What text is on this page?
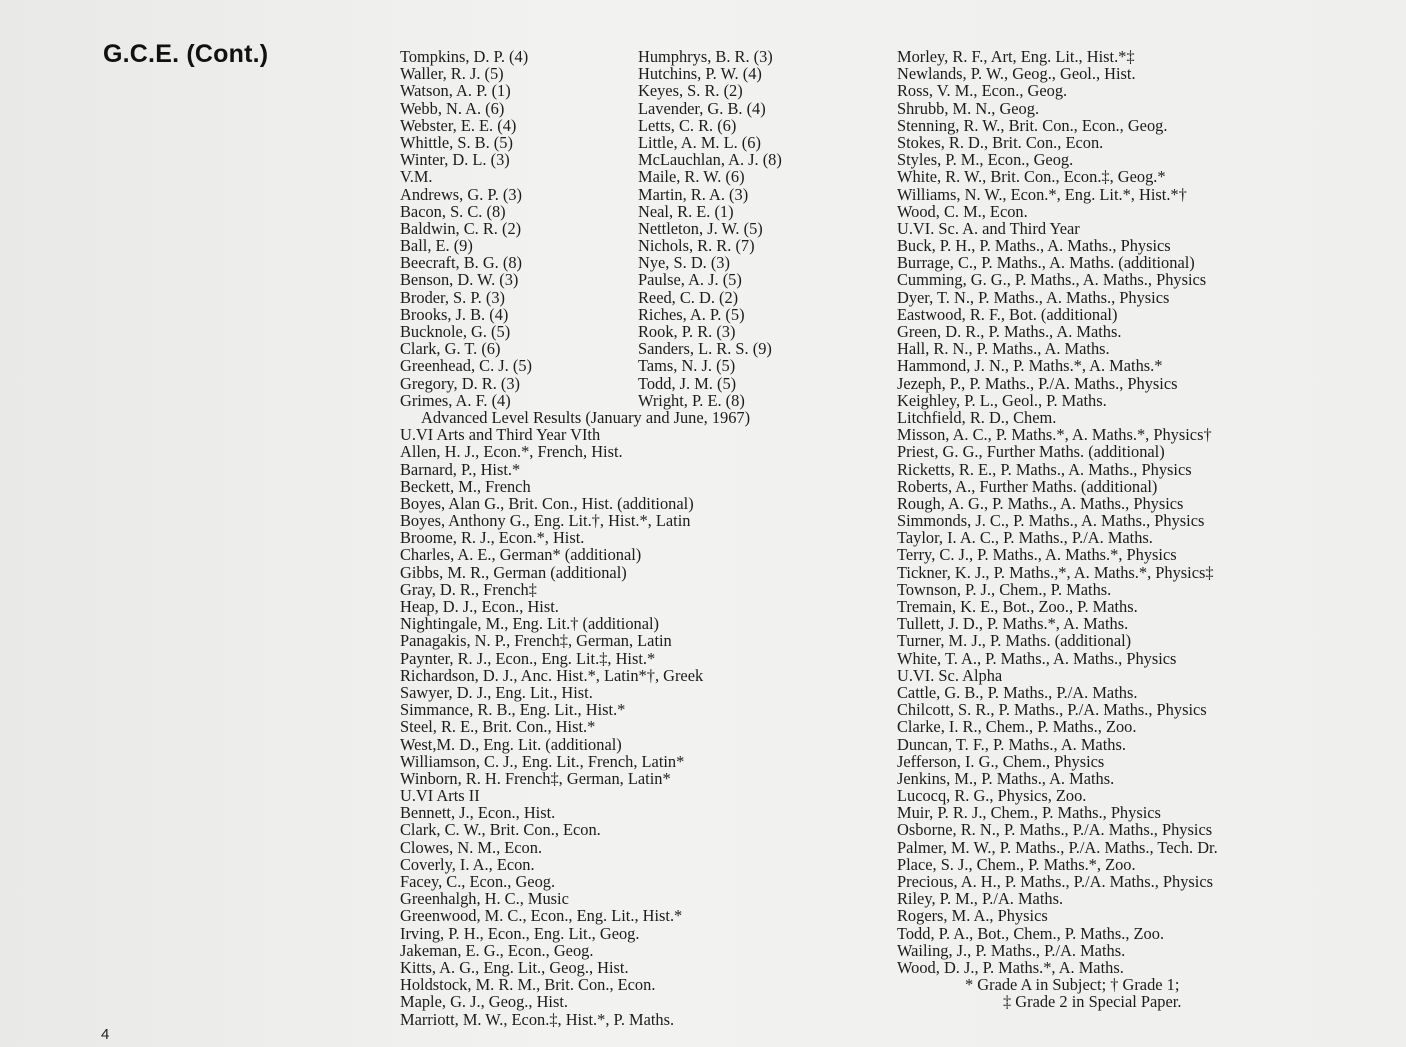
G.C.E. (Cont.)	Tompkins, D. P. (4)
Waller, R. J. (5)
Watson, A. P. (1)
Webb, N. A. (6)
Webster, E. E. (4)
Whittle, S. B. (5)
Winter, D. L. (3)
V.M.
Andrews, G. P. (3)
Bacon, S. C. (8)
Baldwin, C. R. (2)
Ball, E. (9)
Beecraft, B. G. (8)
Benson, D. W. (3)
Broder, S. P. (3)
Brooks, J. B. (4)
Bucknole, G. (5)
Clark, G. T. (6)
Greenhead, C. J. (5)
Gregory, D. R. (3)
Grimes, A. F. (4)
Advanced Level Results (January and June, 1967)
U.VI Arts and Third Year VIth
Allen, H. J., Econ.*, French, Hist.
Barnard, P., Hist.*
Beckett, M., French
Boyes, Alan G., Brit. Con., Hist. (additional)
Boyes, Anthony G., Eng. Lit.†, Hist.*, Latin
Broome, R. J., Econ.*, Hist.
Charles, A. E., German* (additional)
Gibbs, M. R., German (additional)
Gray, D. R., French‡
Heap, D. J., Econ., Hist.
Nightingale, M., Eng. Lit.† (additional)
Panagakis, N. P., French‡, German, Latin
Paynter, R. J., Econ., Eng. Lit.‡, Hist.*
Richardson, D. J., Anc. Hist.*, Latin*†, Greek
Sawyer, D. J., Eng. Lit., Hist.
Simmance, R. B., Eng. Lit., Hist.*
Steel, R. E., Brit. Con., Hist.*
West,M. D., Eng. Lit. (additional)
Williamson, C. J., Eng. Lit., French, Latin*
Winborn, R. H. French‡, German, Latin*
U.VI Arts II
Bennett, J., Econ., Hist.
Clark, C. W., Brit. Con., Econ.
Clowes, N. M., Econ.
Coverly, I. A., Econ.
Facey, C., Econ., Geog.
Greenhalgh, H. C., Music
Greenwood, M. C., Econ., Eng. Lit., Hist.*
Irving, P. H., Econ., Eng. Lit., Geog.
Jakeman, E. G., Econ., Geog.
Kitts, A. G., Eng. Lit., Geog., Hist.
Holdstock, M. R. M., Brit. Con., Econ.
Maple, G. J., Geog., Hist.
Marriott, M. W., Econ.‡, Hist.*, P. Maths.
Humphrys, B. R. (3)
Hutchins, P. W. (4)
Keyes, S. R. (2)
Lavender, G. B. (4)
Letts, C. R. (6)
Little, A. M. L. (6)
McLauchlan, A. J. (8)
Maile, R. W. (6)
Martin, R. A. (3)
Neal, R. E. (1)
Nettleton, J. W. (5)
Nichols, R. R. (7)
Nye, S. D. (3)
Paulse, A. J. (5)
Reed, C. D. (2)
Riches, A. P. (5)
Rook, P. R. (3)
Sanders, L. R. S. (9)
Tams, N. J. (5)
Todd, J. M. (5)
Wright, P. E. (8)
Morley, R. F., Art, Eng. Lit., Hist.*‡
Newlands, P. W., Geog., Geol., Hist.
Ross, V. M., Econ., Geog.
Shrubb, M. N., Geog.
Stenning, R. W., Brit. Con., Econ., Geog.
Stokes, R. D., Brit. Con., Econ.
Styles, P. M., Econ., Geog.
White, R. W., Brit. Con., Econ.‡, Geog.*
Williams, N. W., Econ.*, Eng. Lit.*, Hist.*†
Wood, C. M., Econ.
U.VI. Sc. A. and Third Year
Buck, P. H., P. Maths., A. Maths., Physics
Burrage, C., P. Maths., A. Maths. (additional)
Cumming, G. G., P. Maths., A. Maths., Physics
Dyer, T. N., P. Maths., A. Maths., Physics
Eastwood, R. F., Bot. (additional)
Green, D. R., P. Maths., A. Maths.
Hall, R. N., P. Maths., A. Maths.
Hammond, J. N., P. Maths.*, A. Maths.*
Jezeph, P., P. Maths., P./A. Maths., Physics
Keighley, P. L., Geol., P. Maths.
Litchfield, R. D., Chem.
Misson, A. C., P. Maths.*, A. Maths.*, Physics†
Priest, G. G., Further Maths. (additional)
Ricketts, R. E., P. Maths., A. Maths., Physics
Roberts, A., Further Maths. (additional)
Rough, A. G., P. Maths., A. Maths., Physics
Simmonds, J. C., P. Maths., A. Maths., Physics
Taylor, I. A. C., P. Maths., P./A. Maths.
Terry, C. J., P. Maths., A. Maths.*, Physics
Tickner, K. J., P. Maths.,*, A. Maths.*, Physics‡
Townson, P. J., Chem., P. Maths.
Tremain, K. E., Bot., Zoo., P. Maths.
Tullett, J. D., P. Maths.*, A. Maths.
Turner, M. J., P. Maths. (additional)
White, T. A., P. Maths., A. Maths., Physics
U.VI. Sc. Alpha
Cattle, G. B., P. Maths., P./A. Maths.
Chilcott, S. R., P. Maths., P./A. Maths., Physics
Clarke, I. R., Chem., P. Maths., Zoo.
Duncan, T. F., P. Maths., A. Maths.
Jefferson, I. G., Chem., Physics
Jenkins, M., P. Maths., A. Maths.
Lucocq, R. G., Physics, Zoo.
Muir, P. R. J., Chem., P. Maths., Physics
Osborne, R. N., P. Maths., P./A. Maths., Physics
Palmer, M. W., P. Maths., P./A. Maths., Tech. Dr.
Place, S. J., Chem., P. Maths.*, Zoo.
Precious, A. H., P. Maths., P./A. Maths., Physics
Riley, P. M., P./A. Maths.
Rogers, M. A., Physics
Todd, P. A., Bot., Chem., P. Maths., Zoo.
Wailing, J., P. Maths., P./A. Maths.
Wood, D. J., P. Maths.*, A. Maths.
* Grade A in Subject; † Grade 1;
‡ Grade 2 in Special Paper.
4
